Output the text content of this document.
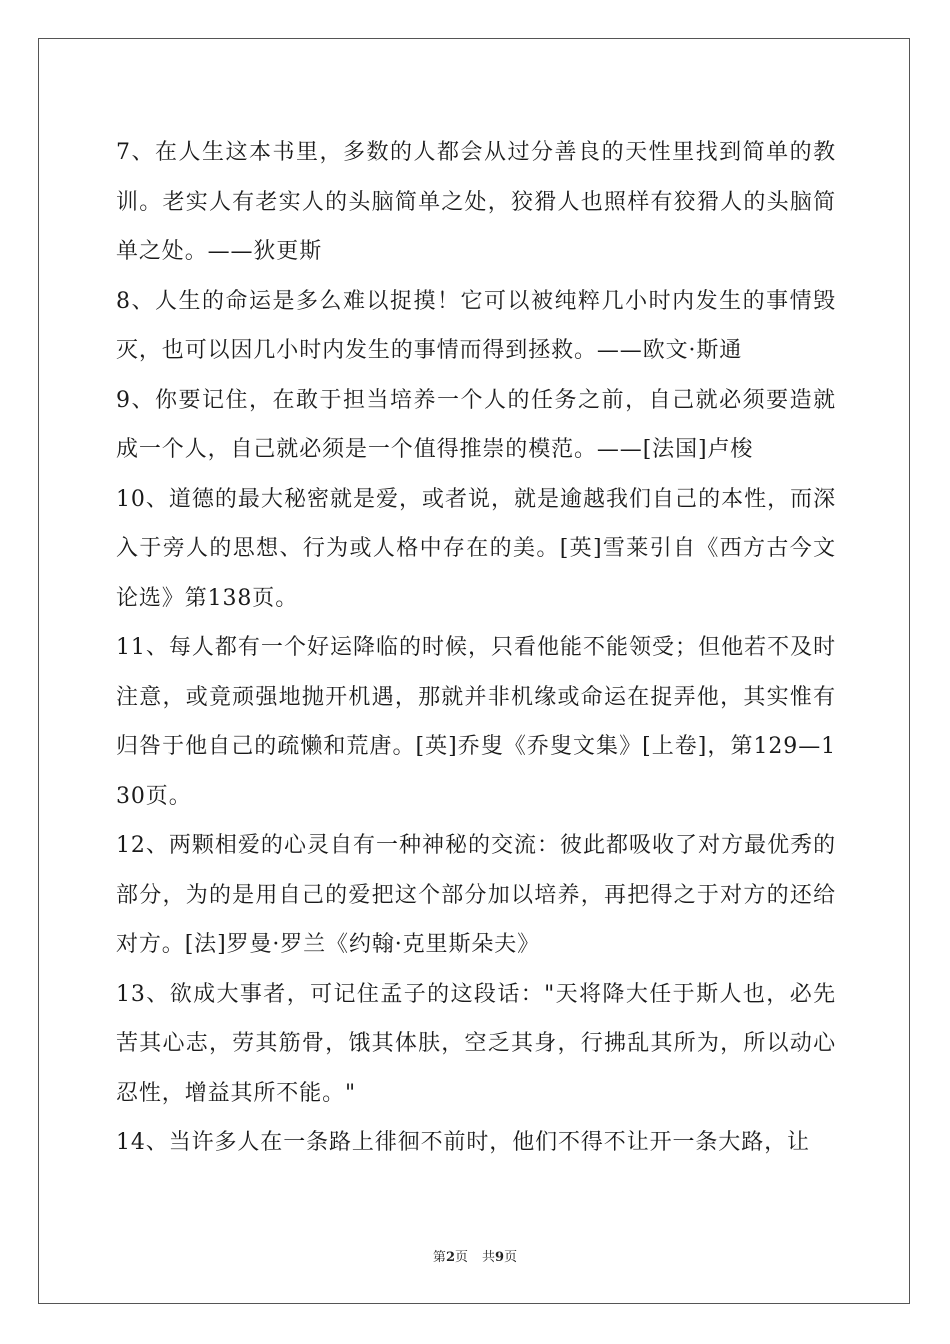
7、在人生这本书里，多数的人都会从过分善良的天性里找到简单的教训。老实人有老实人的头脑简单之处，狡猾人也照样有狡猾人的头脑简单之处。——狄更斯

8、人生的命运是多么难以捉摸！它可以被纯粹几小时内发生的事情毁灭，也可以因几小时内发生的事情而得到拯救。——欧文·斯通

9、你要记住，在敢于担当培养一个人的任务之前，自己就必须要造就成一个人，自己就必须是一个值得推崇的模范。——[法国]卢梭

10、道德的最大秘密就是爱，或者说，就是逾越我们自己的本性，而深入于旁人的思想、行为或人格中存在的美。[英]雪莱引自《西方古今文论选》第138页。

11、每人都有一个好运降临的时候，只看他能不能领受；但他若不及时注意，或竟顽强地抛开机遇，那就并非机缘或命运在捉弄他，其实惟有归咎于他自己的疏懒和荒唐。[英]乔叟《乔叟文集》[上卷]，第129—130页。

12、两颗相爱的心灵自有一种神秘的交流：彼此都吸收了对方最优秀的部分，为的是用自己的爱把这个部分加以培养，再把得之于对方的还给对方。[法]罗曼·罗兰《约翰·克里斯朵夫》

13、欲成大事者，可记住孟子的这段话："天将降大任于斯人也，必先苦其心志，劳其筋骨，饿其体肤，空乏其身，行拂乱其所为，所以动心忍性，增益其所不能。"

14、当许多人在一条路上徘徊不前时，他们不得不让开一条大路，让

第2页 共9页
